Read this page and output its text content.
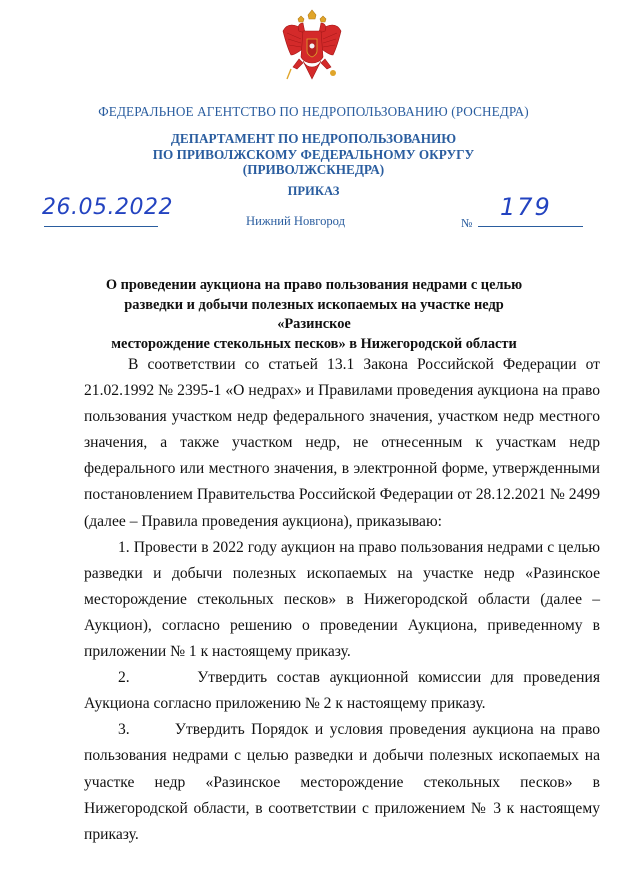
ФЕДЕРАЛЬНОЕ АГЕНТСТВО ПО НЕДРОПОЛЬЗОВАНИЮ (РОСНЕДРА)
ДЕПАРТАМЕНТ ПО НЕДРОПОЛЬЗОВАНИЮ
ПО ПРИВОЛЖСКОМУ ФЕДЕРАЛЬНОМУ ОКРУГУ
(ПРИВОЛЖСКНЕДРА)
ПРИКАЗ
26.05.2022
Нижний Новгород	№
179
О проведении аукциона на право пользования недрами с целью
разведки и добычи полезных ископаемых на участке недр «Разинское
месторождение стекольных песков» в Нижегородской области

В соответствии со статьей 13.1 Закона Российской Федерации от 21.02.1992 № 2395-1 «О недрах» и Правилами проведения аукциона на право пользования участком недр федерального значения, участком недр местного значения, а также участком недр, не отнесенным к участкам недр федерального или местного значения, в электронной форме, утвержденными постановлением Правительства Российской Федерации от 28.12.2021 № 2499 (далее – Правила проведения аукциона), приказываю:

1. Провести в 2022 году аукцион на право пользования недрами с целью разведки и добычи полезных ископаемых на участке недр «Разинское месторождение стекольных песков» в Нижегородской области (далее – Аукцион), согласно решению о проведении Аукциона, приведенному в приложении № 1 к настоящему приказу.

2.       Утвердить состав аукционной комиссии для проведения Аукциона согласно приложению № 2 к настоящему приказу.

3.       Утвердить Порядок и условия проведения аукциона на право пользования недрами с целью разведки и добычи полезных ископаемых на участке недр «Разинское месторождение стекольных песков» в Нижегородской области, в соответствии с приложением № 3 к настоящему приказу.
